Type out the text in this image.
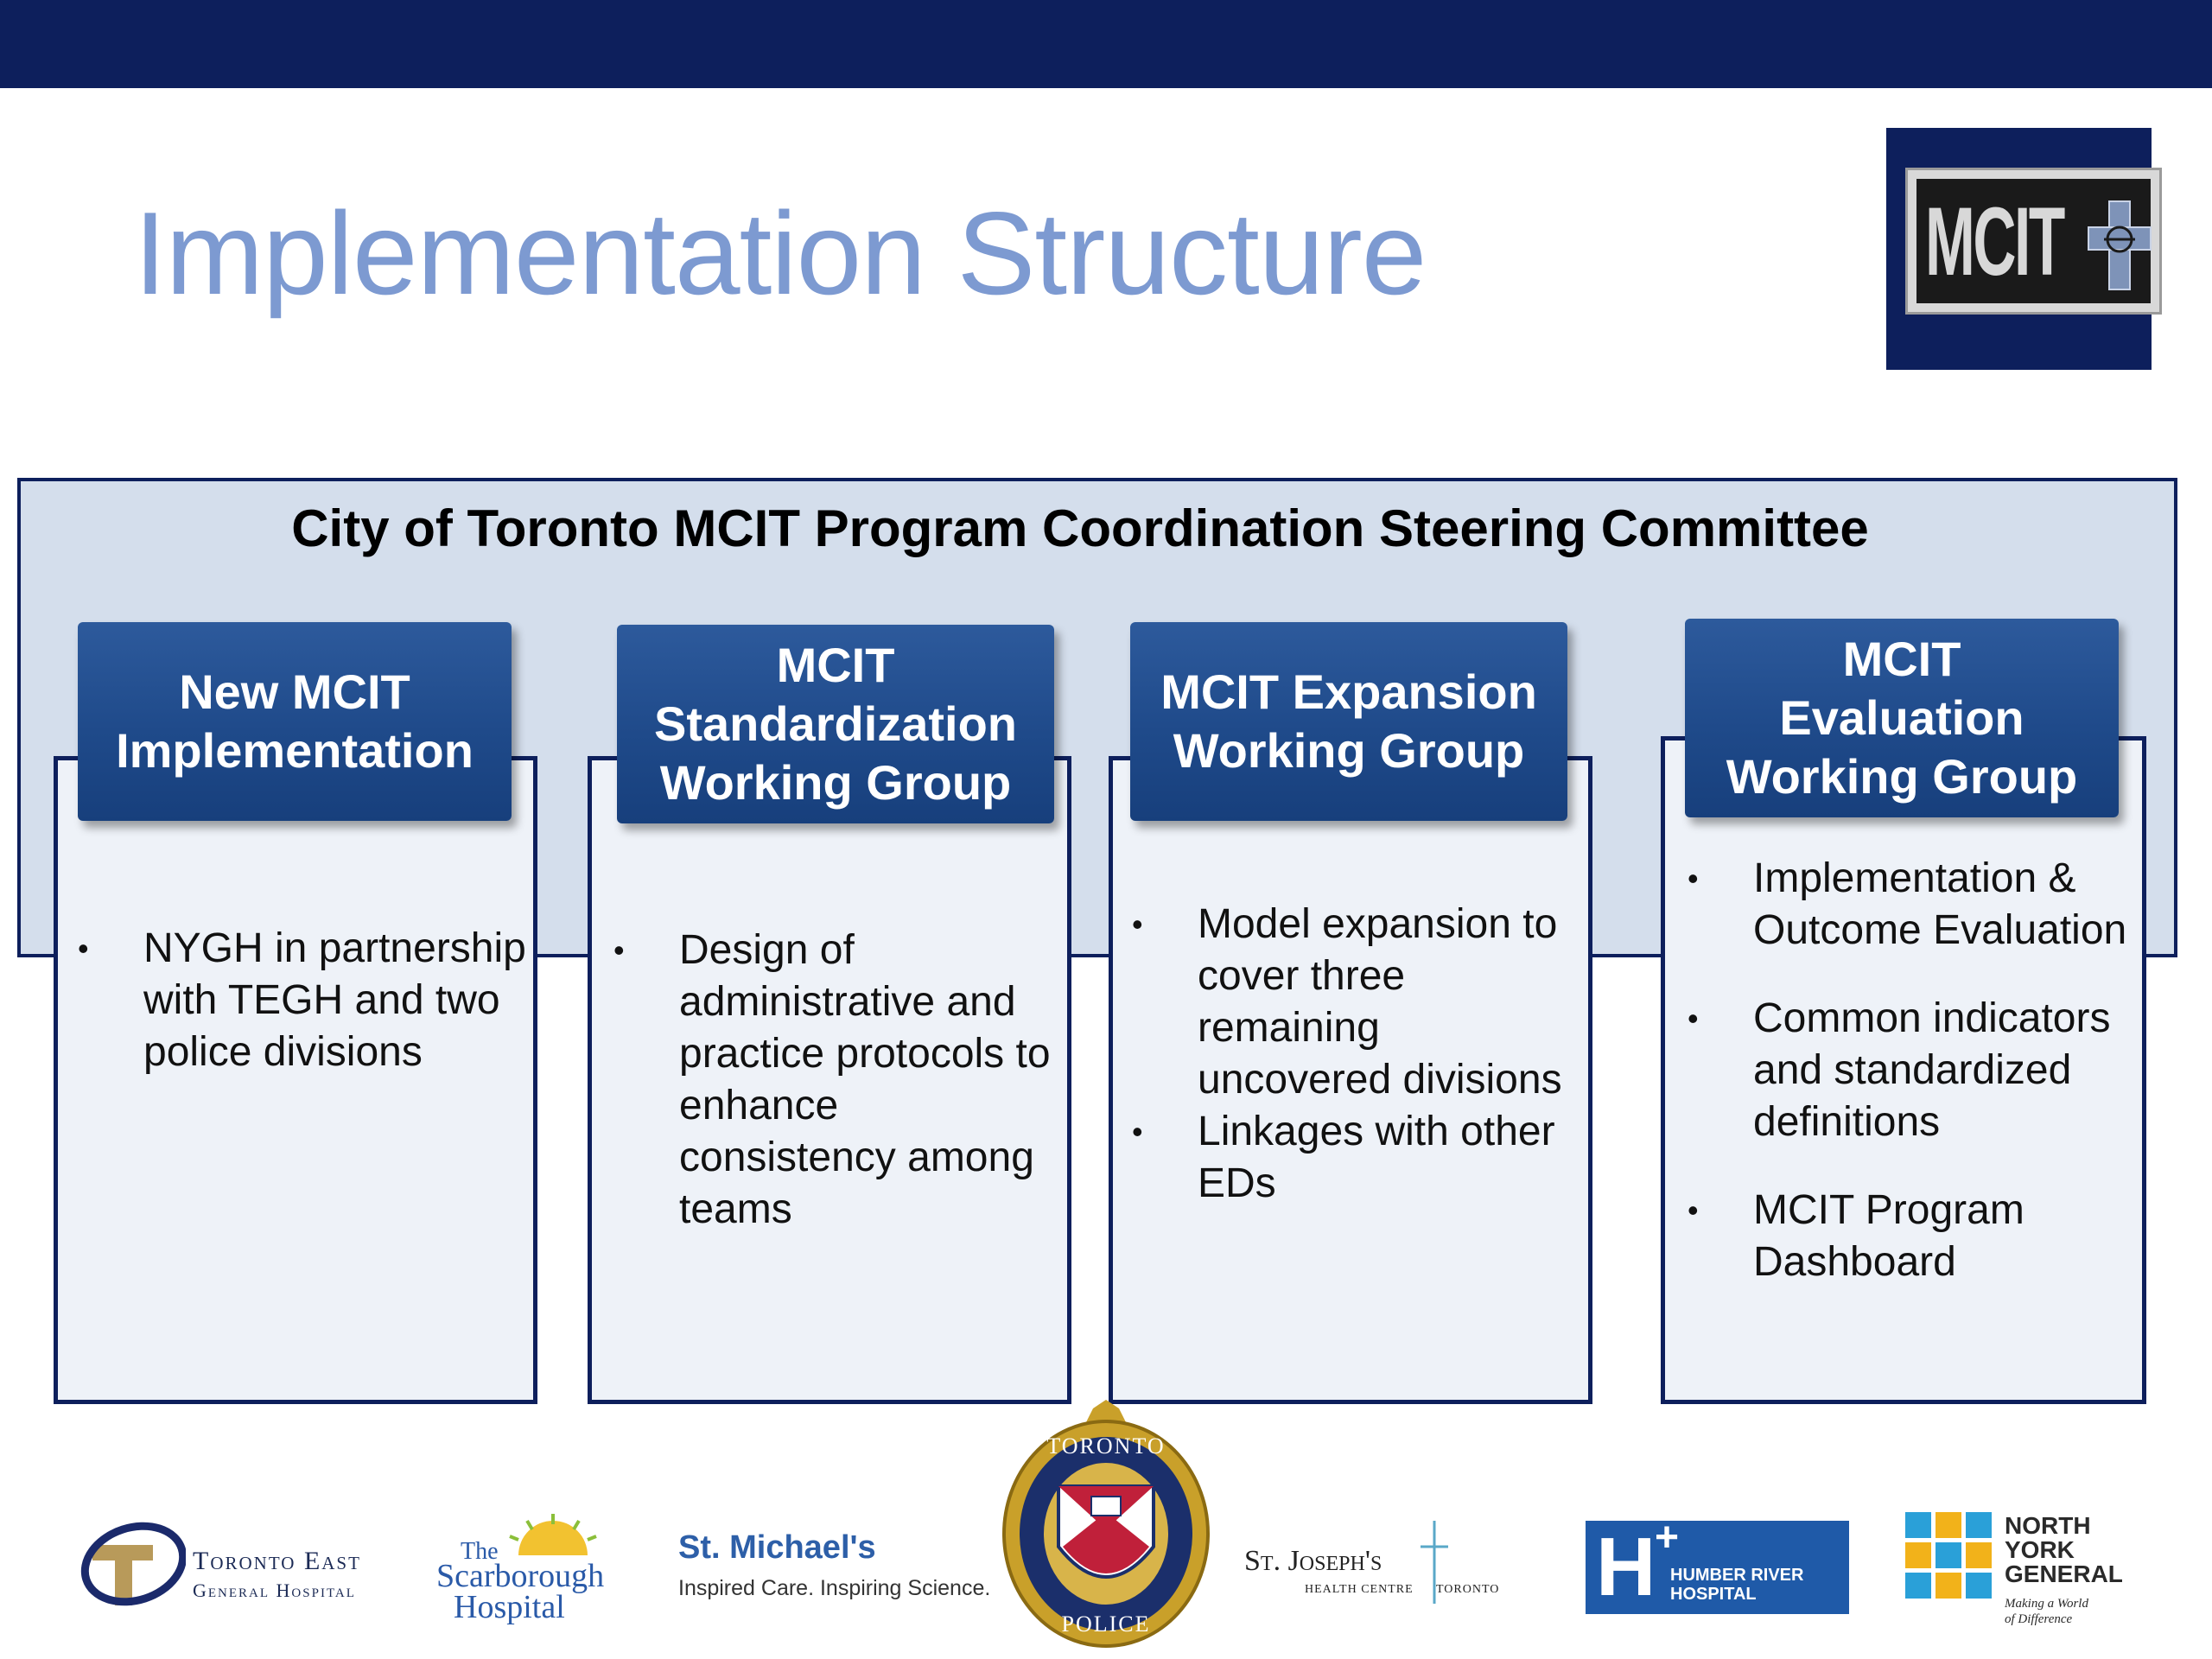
Implementation Structure	MCIT
City of Toronto MCIT Program Coordination Steering Committee
New MCIT
Implementation
• NYGH in partnership with TEGH and two police divisions
MCIT
Standardization
Working Group
• Design of administrative and practice protocols to enhance consistency among teams
MCIT Expansion
Working Group
• Model expansion to cover three remaining uncovered divisions
• Linkages with other EDs
MCIT
Evaluation
Working Group
• Implementation & Outcome Evaluation
• Common indicators and standardized definitions
• MCIT Program Dashboard
Toronto East
General Hospital
The
Scarborough
Hospital
St. Michael's
Inspired Care. Inspiring Science.
TORONTO
POLICE
St. Joseph's
HEALTH CENTRE TORONTO H
+
HUMBER RIVER
HOSPITAL
NORTH
YORK
GENERAL
Making a World
of Difference
